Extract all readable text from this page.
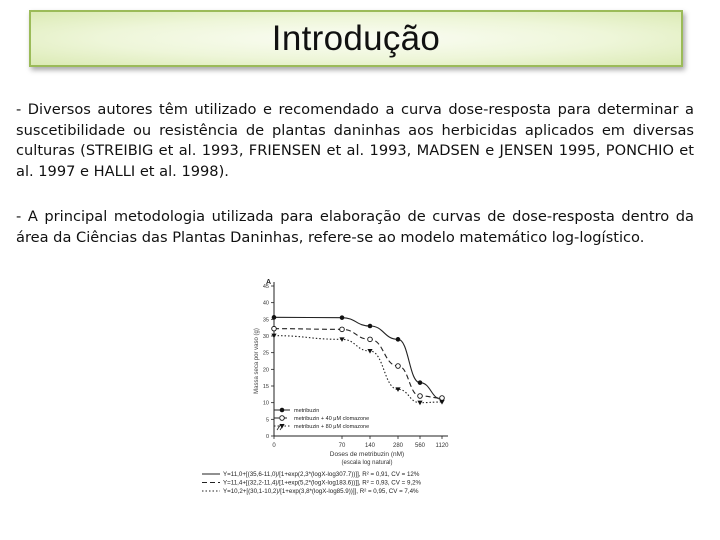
Introdução

- Diversos autores têm utilizado e recomendado a curva dose-resposta para determinar a suscetibilidade ou resistência de plantas daninhas aos herbicidas aplicados em diversas culturas (STREIBIG et al. 1993, FRIENSEN et al. 1993, MADSEN e JENSEN 1995, PONCHIO et al. 1997 e HALLI et al. 1998).

- A principal metodologia utilizada para elaboração de curvas de dose-resposta dentro da área da Ciências das Plantas Daninhas, refere-se ao modelo matemático log-logístico.

0
5
10
15
20
25
30
35
40
45
0	70	140	280 560 1120
Massa seca por vaso (g)
Doses de metribuzin (nM)
(escala log natural)
A
metribuzin
metribuzin + 40 μM clomazone
metribuzin + 80 μM clomazone
Y=11,0+[(35,6-11,0)/[1+exp(2,3*(logX-log307.7))]], R² = 0,91, CV = 12%
Y=11,4+[(32,2-11,4)/[1+exp(5,2*(logX-log183.6))]], R² = 0,93, CV = 9,2%
Y=10,2+[(30,1-10,2)/[1+exp(3,8*(logX-log85.9))]], R² = 0,95, CV = 7,4%
